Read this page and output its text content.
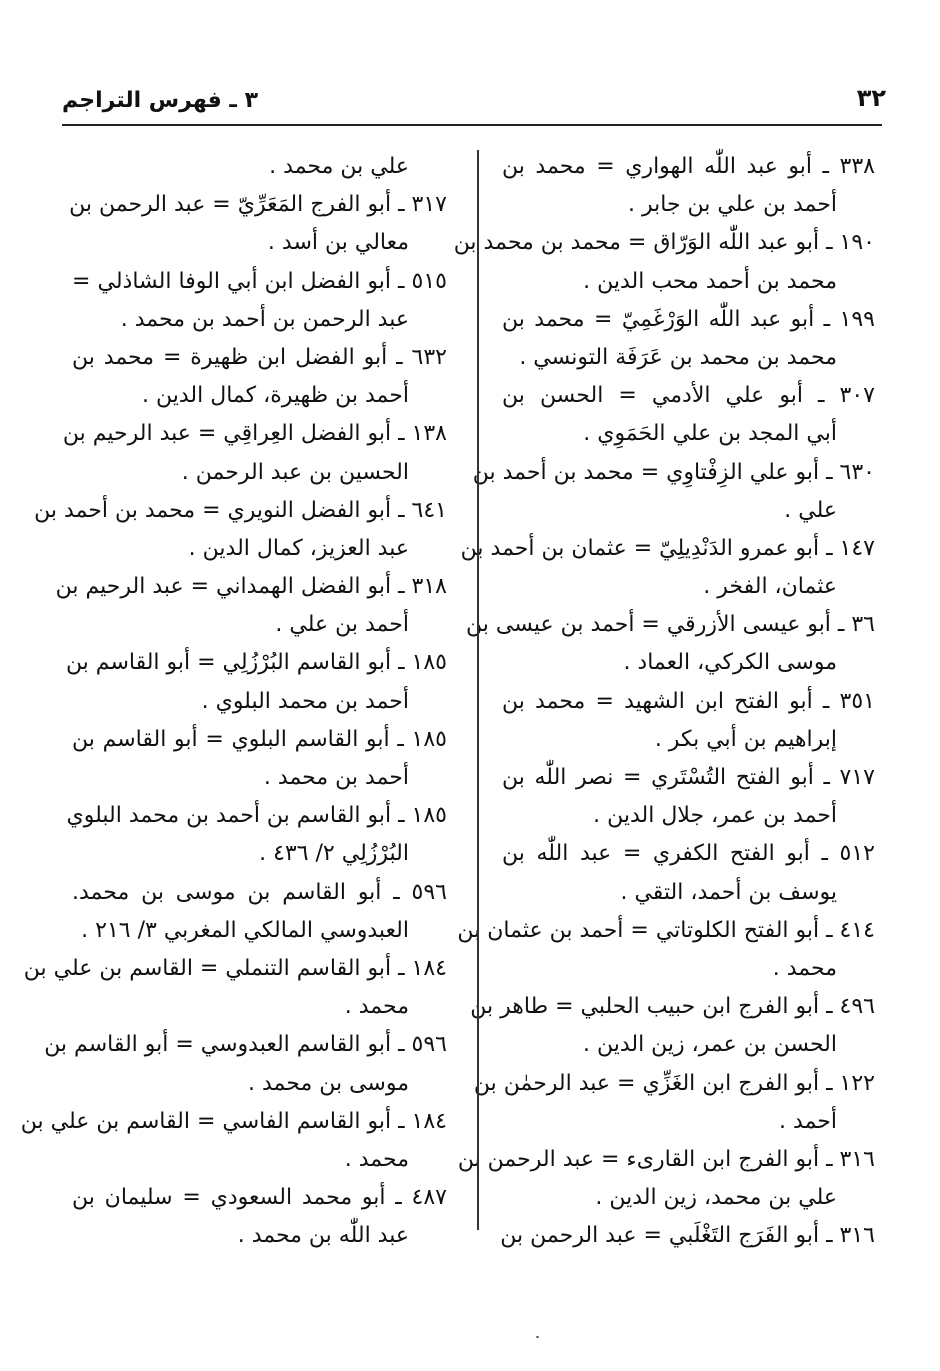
٣٢
٣ ـ فهرس التراجم
٣٣٨ ـ أبو عبد اللّٰه الهواري = محمد بن
أحمد بن علي بن جابر .
١٩٠ ـ أبو عبد اللّٰه الوَرّاق = محمد بن محمد بن
محمد بن أحمد محب الدين .
١٩٩ ـ أبو عبد اللّٰه الوَرْغَمِيّ = محمد بن
محمد بن محمد بن عَرَفَة التونسي .
٣٠٧ ـ أبو علي الأدمي = الحسن بن
أبي المجد بن علي الحَمَوِي .
٦٣٠ ـ أبو علي الزِفْتاوِي = محمد بن أحمد بن
علي .
١٤٧ ـ أبو عمرو الدَنْدِيلِيّ = عثمان بن أحمد بن
عثمان، الفخر .
٣٦ ـ أبو عيسى الأزرقي = أحمد بن عيسى بن
موسى الكركي، العماد .
٣٥١ ـ أبو الفتح ابن الشهيد = محمد بن
إبراهيم بن أبي بكر .
٧١٧ ـ أبو الفتح التُسْتَري = نصر اللّٰه بن
أحمد بن عمر، جلال الدين .
٥١٢ ـ أبو الفتح الكفري = عبد اللّٰه بن
يوسف بن أحمد، التقي .
٤١٤ ـ أبو الفتح الكلوتاتي = أحمد بن عثمان بن
محمد .
٤٩٦ ـ أبو الفرج ابن حبيب الحلبي = طاهر بن
الحسن بن عمر، زين الدين .
١٢٢ ـ أبو الفرج ابن الغَزِّي = عبد الرحمٰن بن
أحمد .
٣١٦ ـ أبو الفرج ابن القارىء = عبد الرحمن بن
علي بن محمد، زين الدين .
٣١٦ ـ أبو الفَرَج التَغْلَبي = عبد الرحمن بن
علي بن محمد .
٣١٧ ـ أبو الفرج المَعَرِّيّ = عبد الرحمن بن
معالي بن أسد .
٥١٥ ـ أبو الفضل ابن أبي الوفا الشاذلي =
عبد الرحمن بن أحمد بن محمد .
٦٣٢ ـ أبو الفضل ابن ظهيرة = محمد بن
أحمد بن ظهيرة، كمال الدين .
١٣٨ ـ أبو الفضل العِراقِي = عبد الرحيم بن
الحسين بن عبد الرحمن .
٦٤١ ـ أبو الفضل النويري = محمد بن أحمد بن
عبد العزيز، كمال الدين .
٣١٨ ـ أبو الفضل الهمداني = عبد الرحيم بن
أحمد بن علي .
١٨٥ ـ أبو القاسم البُرْزُلِي = أبو القاسم بن
أحمد بن محمد البلوي .
١٨٥ ـ أبو القاسم البلوي = أبو القاسم بن
أحمد بن محمد .
١٨٥ ـ أبو القاسم بن أحمد بن محمد البلوي
البُرْزُلِي ٢/ ٤٣٦ .
٥٩٦ ـ أبو القاسم بن موسى بن محمد.
العبدوسي المالكي المغربي ٣/ ٢١٦ .
١٨٤ ـ أبو القاسم التنملي = القاسم بن علي بن
محمد .
٥٩٦ ـ أبو القاسم العبدوسي = أبو القاسم بن
موسى بن محمد .
١٨٤ ـ أبو القاسم الفاسي = القاسم بن علي بن
محمد .
٤٨٧ ـ أبو محمد السعودي = سليمان بن
عبد اللّٰه بن محمد .
